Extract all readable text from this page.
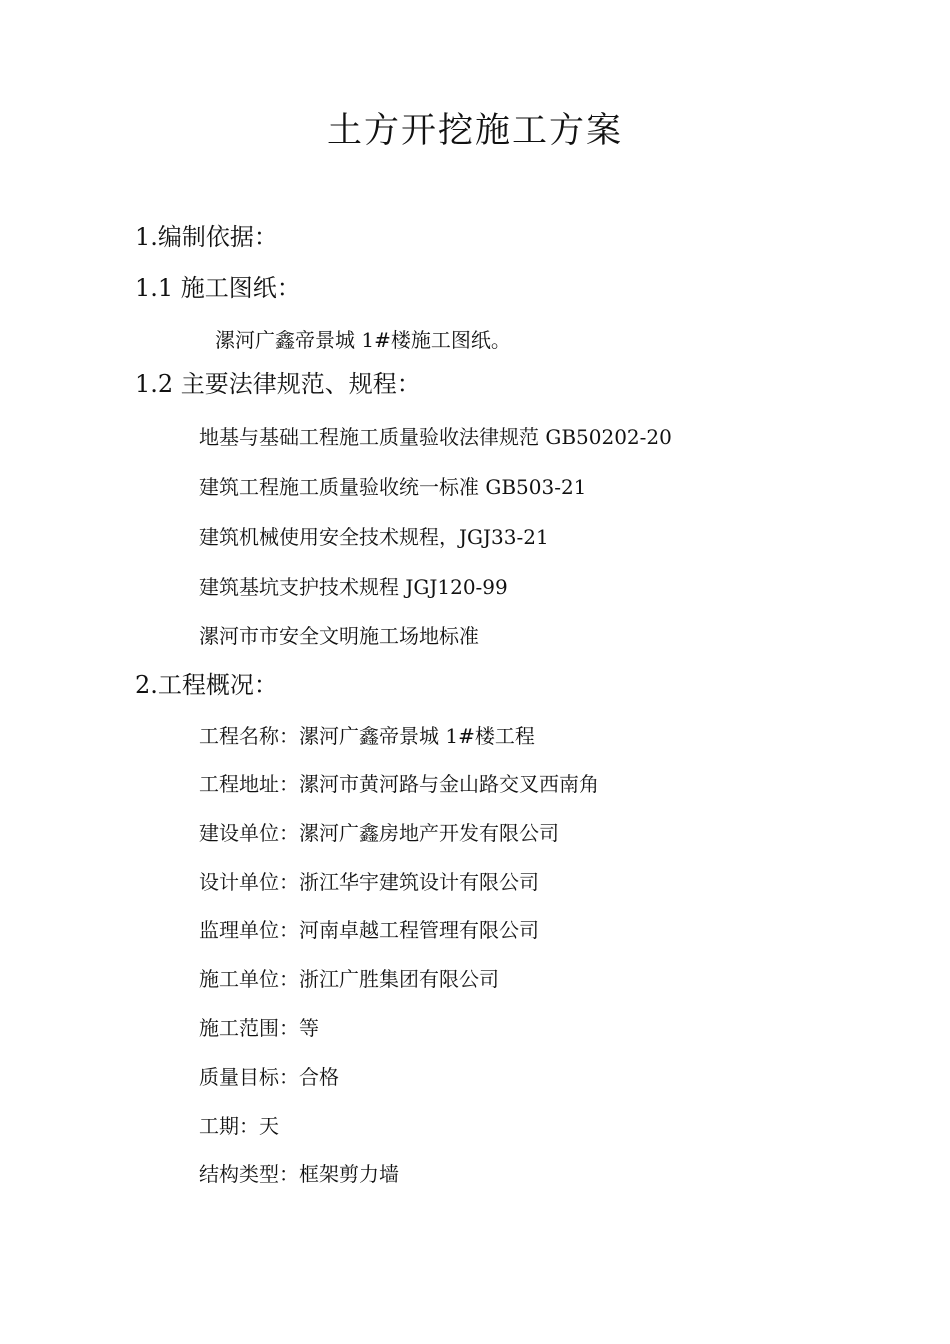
土方开挖施工方案
1.编制依据：
1.1 施工图纸：
漯河广鑫帝景城 1#楼施工图纸。
1.2 主要法律规范、规程：
地基与基础工程施工质量验收法律规范 GB50202-20
建筑工程施工质量验收统一标准 GB503-21
建筑机械使用安全技术规程，JGJ33-21
建筑基坑支护技术规程 JGJ120-99
漯河市市安全文明施工场地标准
2.工程概况：
工程名称：漯河广鑫帝景城 1#楼工程
工程地址：漯河市黄河路与金山路交叉西南角
建设单位：漯河广鑫房地产开发有限公司
设计单位：浙江华宇建筑设计有限公司
监理单位：河南卓越工程管理有限公司
施工单位：浙江广胜集团有限公司
施工范围：等
质量目标：合格
工期：天
结构类型：框架剪力墙
